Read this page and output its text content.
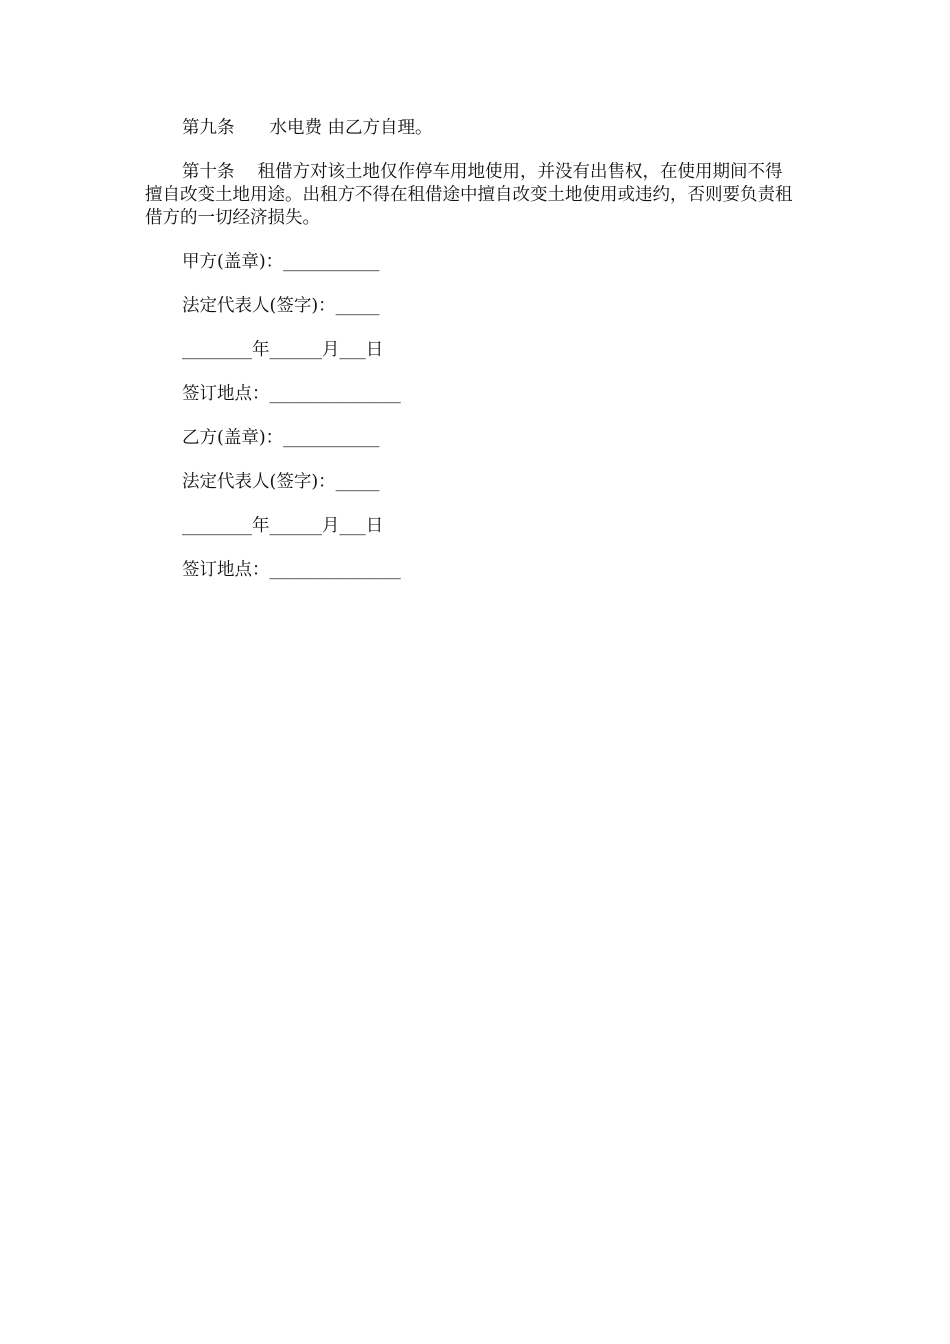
第九条　　水电费 由乙方自理。

第十条　 租借方对该土地仅作停车用地使用，并没有出售权，在使用期间不得擅自改变土地用途。出租方不得在租借途中擅自改变土地使用或违约，否则要负责租借方的一切经济损失。

甲方(盖章)：___________

法定代表人(签字)：_____

________年______月___日

签订地点：_______________

乙方(盖章)：___________

法定代表人(签字)：_____

________年______月___日

签订地点：_______________
